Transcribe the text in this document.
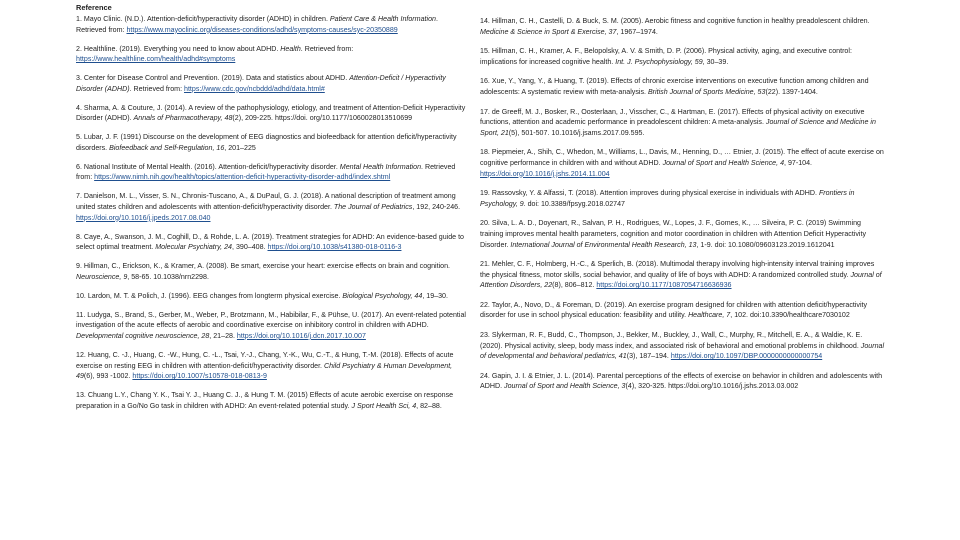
Reference
1. Mayo Clinic. (N.D.). Attention-deficit/hyperactivity disorder (ADHD) in children. Patient Care & Health Information. Retrieved from: https://www.mayoclinic.org/diseases-conditions/adhd/symptoms-causes/syc-20350889
2. Healthline. (2019). Everything you need to know about ADHD. Health. Retrieved from: https://www.healthline.com/health/adhd#symptoms
3. Center for Disease Control and Prevention. (2019). Data and statistics about ADHD. Attention-Deficit / Hyperactivity Disorder (ADHD). Retrieved from: https://www.cdc.gov/ncbddd/adhd/data.html#
4. Sharma, A. & Couture, J. (2014). A review of the pathophysiology, etiology, and treatment of Attention-Deficit Hyperactivity Disorder (ADHD). Annals of Pharmacotherapy, 48(2), 209-225. https://doi. org/10.1177/1060028013510699
5. Lubar, J. F. (1991) Discourse on the development of EEG diagnostics and biofeedback for attention deficit/hyperactivity disorders. Biofeedback and Self-Regulation, 16, 201–225
6. National Institute of Mental Health. (2016). Attention-deficit/hyperactivity disorder. Mental Health Information. Retrieved from: https://www.nimh.nih.gov/health/topics/attention-deficit-hyperactivity-disorder-adhd/index.shtml
7. Danielson, M. L., Visser, S. N., Chronis-Tuscano, A., & DuPaul, G. J. (2018). A national description of treatment among united states children and adolescents with attention-deficit/hyperactivity disorder. The Journal of Pediatrics, 192, 240-246. https://doi.org/10.1016/j.jpeds.2017.08.040
8. Caye, A., Swanson, J. M., Coghill, D., & Rohde, L. A. (2019). Treatment strategies for ADHD: An evidence-based guide to select optimal treatment. Molecular Psychiatry, 24, 390–408. https://doi.org/10.1038/s41380-018-0116-3
9. Hillman, C., Erickson, K., & Kramer, A. (2008). Be smart, exercise your heart: exercise effects on brain and cognition. Neuroscience, 9, 58-65. 10.1038/nrn2298.
10. Lardon, M. T. & Polich, J. (1996). EEG changes from longterm physical exercise. Biological Psychology, 44, 19–30.
11. Ludyga, S., Brand, S., Gerber, M., Weber, P., Brotzmann, M., Habibilar, F., & Pühse, U. (2017). An event-related potential investigation of the acute effects of aerobic and coordinative exercise on inhibitory control in children with ADHD. Developmental cognitive neuroscience, 28, 21–28. https://doi.org/10.1016/j.dcn.2017.10.007
12. Huang, C. -J., Huang, C. -W., Hung, C. -L., Tsai, Y.-J., Chang, Y.-K., Wu, C.-T., & Hung, T.-M. (2018). Effects of acute exercise on resting EEG in children with attention-deficit/hyperactivity disorder. Child Psychiatry & Human Development, 49(6), 993 -1002. https://doi.org/10.1007/s10578-018-0813-9
13. Chuang L.Y., Chang Y. K., Tsai Y. J., Huang C. J., & Hung T. M. (2015) Effects of acute aerobic exercise on response preparation in a Go/No Go task in children with ADHD: An event-related potential study. J Sport Health Sci, 4, 82–88.
14. Hillman, C. H., Castelli, D. & Buck, S. M. (2005). Aerobic fitness and cognitive function in healthy preadolescent children. Medicine & Science in Sport & Exercise, 37, 1967–1974.
15. Hillman, C. H., Kramer, A. F., Belopolsky, A. V. & Smith, D. P. (2006). Physical activity, aging, and executive control: implications for increased cognitive health. Int. J. Psychophysiology, 59, 30–39.
16. Xue, Y., Yang, Y., & Huang, T. (2019). Effects of chronic exercise interventions on executive function among children and adolescents: A systematic review with meta-analysis. British Journal of Sports Medicine, 53(22). 1397-1404.
17. de Greeff, M. J., Bosker, R., Oosterlaan, J., Visscher, C., & Hartman, E. (2017). Effects of physical activity on executive functions, attention and academic performance in preadolescent children: A meta-analysis. Journal of Science and Medicine in Sport, 21(5), 501-507. 10.1016/j.jsams.2017.09.595.
18. Piepmeier, A., Shih, C., Whedon, M., Williams, L., Davis, M., Henning, D., … Etnier, J. (2015). The effect of acute exercise on cognitive performance in children with and without ADHD. Journal of Sport and Health Science, 4, 97-104. https://doi.org/10.1016/j.jshs.2014.11.004
19. Rassovsky, Y. & Alfassi, T. (2018). Attention improves during physical exercise in individuals with ADHD. Frontiers in Psychology, 9. doi: 10.3389/fpsyg.2018.02747
20. Silva, L. A. D., Doyenart, R., Salvan, P. H., Rodrigues, W., Lopes, J. F., Gomes, K., … Silveira, P. C. (2019) Swimming training improves mental health parameters, cognition and motor coordination in children with Attention Deficit Hyperactivity Disorder. International Journal of Environmental Health Research, 13, 1-9. doi: 10.1080/09603123.2019.1612041
21. Mehler, C. F., Holmberg, H.-C., & Sperlich, B. (2018). Multimodal therapy involving high-intensity interval training improves the physical fitness, motor skills, social behavior, and quality of life of boys with ADHD: A randomized controlled study. Journal of Attention Disorders, 22(8), 806–812. https://doi.org/10.1177/1087054716636936
22. Taylor, A., Novo, D., & Foreman, D. (2019). An exercise program designed for children with attention deficit/hyperactivity disorder for use in school physical education: feasibility and utility. Healthcare, 7, 102. doi:10.3390/healthcare7030102
23. Slykerman, R. F., Budd, C., Thompson, J., Bekker, M., Buckley, J., Wall, C., Murphy, R., Mitchell, E. A., & Waldie, K. E. (2020). Physical activity, sleep, body mass index, and associated risk of behavioral and emotional problems in childhood. Journal of developmental and behavioral pediatrics, 41(3), 187–194. https://doi.org/10.1097/DBP.0000000000000754
24. Gapin, J. I. & Etnier, J. L. (2014). Parental perceptions of the effects of exercise on behavior in children and adolescents with ADHD. Journal of Sport and Health Science, 3(4), 320-325. https://doi.org/10.1016/j.jshs.2013.03.002
